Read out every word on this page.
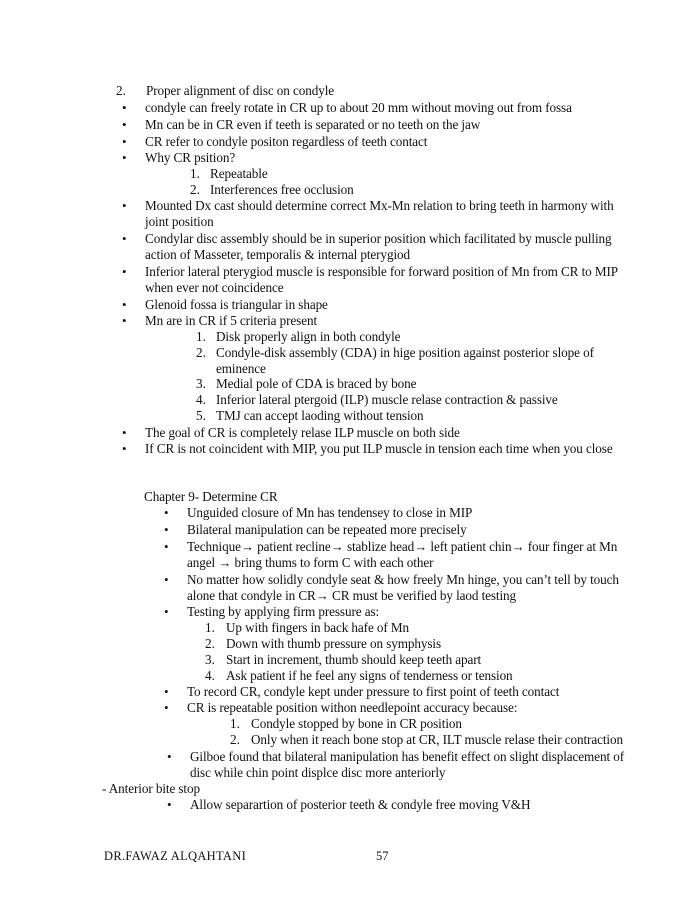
2. Proper alignment of disc on condyle
• condyle can freely rotate in CR up to about 20 mm without moving out from fossa
• Mn can be in CR even if teeth is separated or no teeth on the jaw
• CR refer to condyle positon regardless of teeth contact
• Why CR psition?
1. Repeatable
2. Interferences free occlusion
• Mounted Dx cast should determine correct Mx-Mn relation to bring teeth in harmony with
joint position
• Condylar disc assembly should be in superior position which facilitated by muscle pulling
action of Masseter, temporalis & internal pterygiod
• Inferior lateral pterygiod muscle is responsible for forward position of Mn from CR to MIP
when ever not coincidence
• Glenoid fossa is triangular in shape
• Mn are in CR if 5 criteria present
1. Disk properly align in both condyle
2. Condyle-disk assembly (CDA) in hige position against posterior slope of
eminence
3. Medial pole of CDA is braced by bone
4. Inferior lateral ptergoid (ILP) muscle relase contraction & passive
5. TMJ can accept laoding without tension
• The goal of CR is completely relase ILP muscle on both side
• If CR is not coincident with MIP, you put ILP muscle in tension each time when you close
Chapter 9- Determine CR
• Unguided closure of Mn has tendensey to close in MIP
• Bilateral manipulation can be repeated more precisely
• Technique→ patient recline→ stablize head→ left patient chin→ four finger at Mn
angel → bring thums to form C with each other
• No matter how solidly condyle seat & how freely Mn hinge, you can’t tell by touch
alone that condyle in CR→ CR must be verified by laod testing
• Testing by applying firm pressure as:
1. Up with fingers in back hafe of Mn
2. Down with thumb pressure on symphysis
3. Start in increment, thumb should keep teeth apart
4. Ask patient if he feel any signs of tenderness or tension
• To record CR, condyle kept under pressure to first point of teeth contact
• CR is repeatable position withon needlepoint accuracy because:
1. Condyle stopped by bone in CR position
2. Only when it reach bone stop at CR, ILT muscle relase their contraction
• Gilboe found that bilateral manipulation has benefit effect on slight displacement of
disc while chin point displce disc more anteriorly
- Anterior bite stop
• Allow separartion of posterior teeth & condyle free moving V&H
DR.FAWAZ ALQAHTANI	57
